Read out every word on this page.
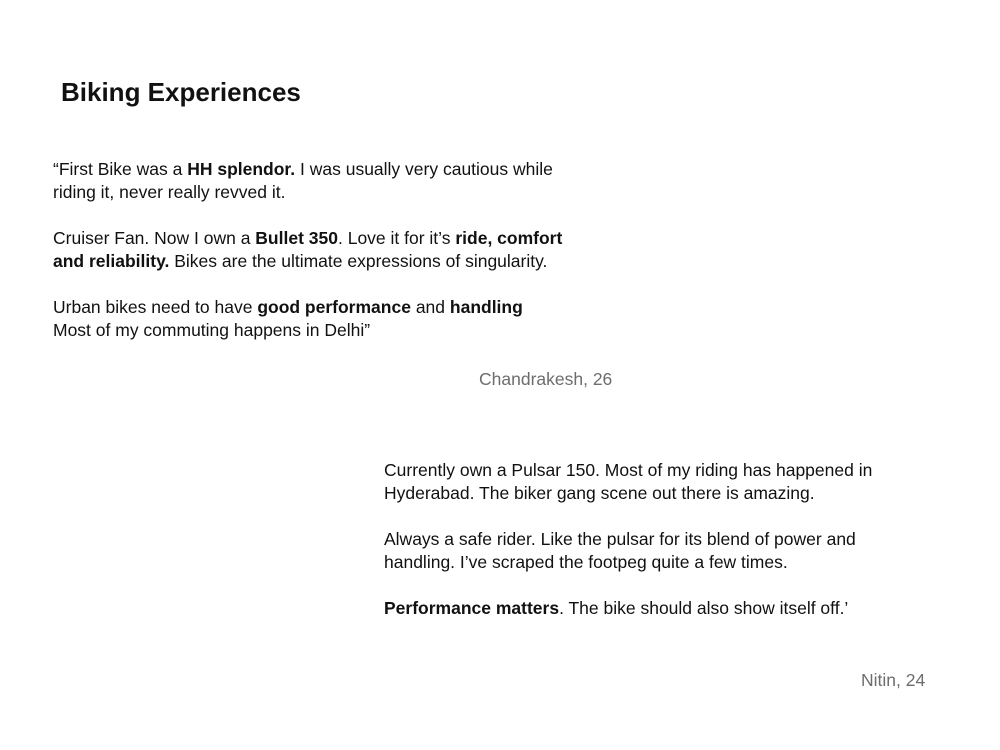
Biking Experiences

“First Bike was a HH splendor. I was usually very cautious while
riding it, never really revved it.

Cruiser Fan. Now I own a Bullet 350. Love it for it’s ride, comfort
and reliability. Bikes are the ultimate expressions of singularity.

Urban bikes need to have good performance and handling
Most of my commuting happens in Delhi”

Chandrakesh, 26

Currently own a Pulsar 150. Most of my riding has happened in
Hyderabad. The biker gang scene out there is amazing.

Always a safe rider. Like the pulsar for its blend of power and
handling. I’ve scraped the footpeg quite a few times.

Performance matters. The bike should also show itself off.’

Nitin, 24
